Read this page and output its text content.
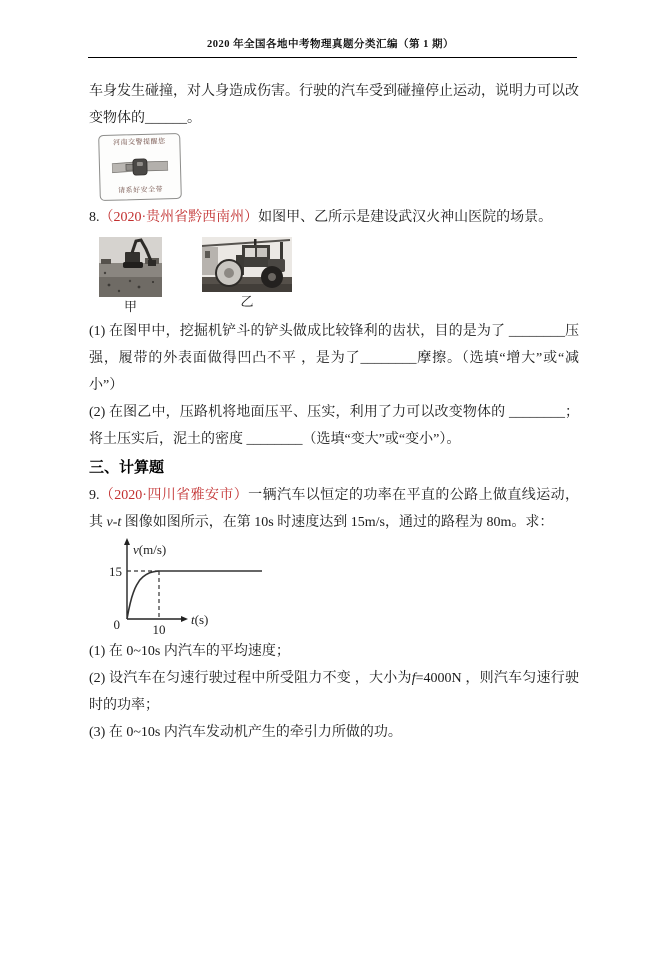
2020 年全国各地中考物理真题分类汇编（第 1 期）

车身发生碰撞，对人身造成伤害。行驶的汽车受到碰撞停止运动，说明力可以改变物体的______。

河南交警提醒您
请系好安全带

8.（2020·贵州省黔西南州）如图甲、乙所示是建设武汉火神山医院的场景。

甲	乙

(1) 在图甲中，挖掘机铲斗的铲头做成比较锋利的齿状，目的是为了 ________压强，履带的外表面做得凹凸不平 ，是为了________摩擦。（选填“增大”或“减小”）

(2) 在图乙中，压路机将地面压平、压实，利用了力可以改变物体的 ________；将土压实后，泥土的密度 ________（选填“变大”或“变小”）。

三、计算题

9.（2020·四川省雅安市）一辆汽车以恒定的功率在平直的公路上做直线运动，其 v-t 图像如图所示，在第 10s 时速度达到 15m/s，通过的路程为 80m。求：

v(m/s)
t(s)
15
0	10

(1) 在 0~10s 内汽车的平均速度；

(2) 设汽车在匀速行驶过程中所受阻力不变 ，大小为f=4000N ，则汽车匀速行驶时的功率；

(3) 在 0~10s 内汽车发动机产生的牵引力所做的功。
